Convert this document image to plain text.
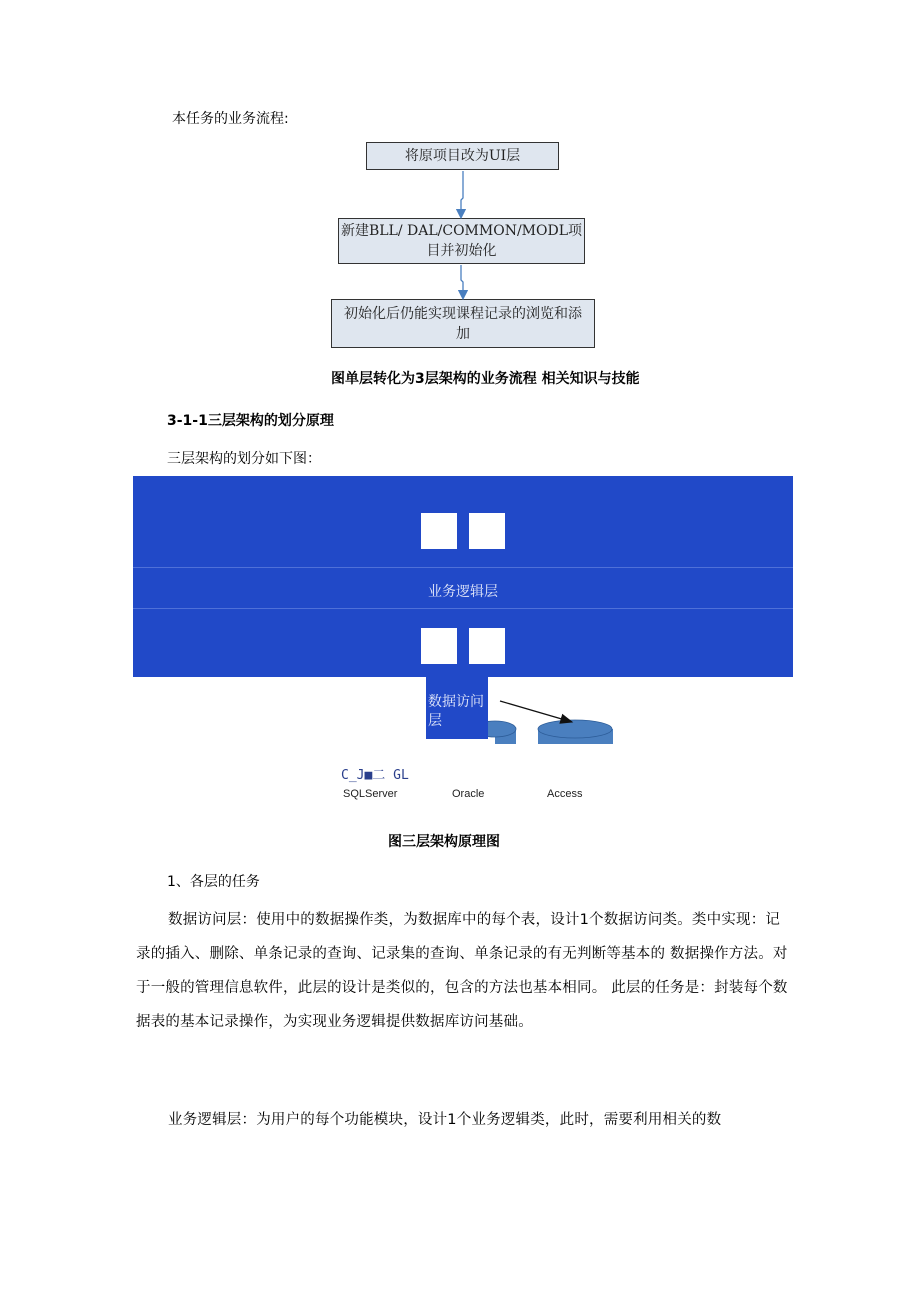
本任务的业务流程:
将原项目改为UI层
新建BLL/ DAL/COMMON/MODL项
目并初始化
初始化后仍能实现课程记录的浏览和添
加
图单层转化为3层架构的业务流程 相关知识与技能
3-1-1三层架构的划分原理
三层架构的划分如下图：
业务逻辑层
数据访问层
C_J■二 GL
SQLServer	Oracle	Access
图三层架构原理图
1、各层的任务
数据访问层：使用中的数据操作类，为数据库中的每个表，设计1个数据访问类。类中实现：记录的插入、删除、单条记录的查询、记录集的查询、单条记录的有无判断等基本的 数据操作方法。对于一般的管理信息软件，此层的设计是类似的，包含的方法也基本相同。 此层的任务是：封装每个数据表的基本记录操作，为实现业务逻辑提供数据库访问基础。
业务逻辑层：为用户的每个功能模块，设计1个业务逻辑类，此时，需要利用相关的数
